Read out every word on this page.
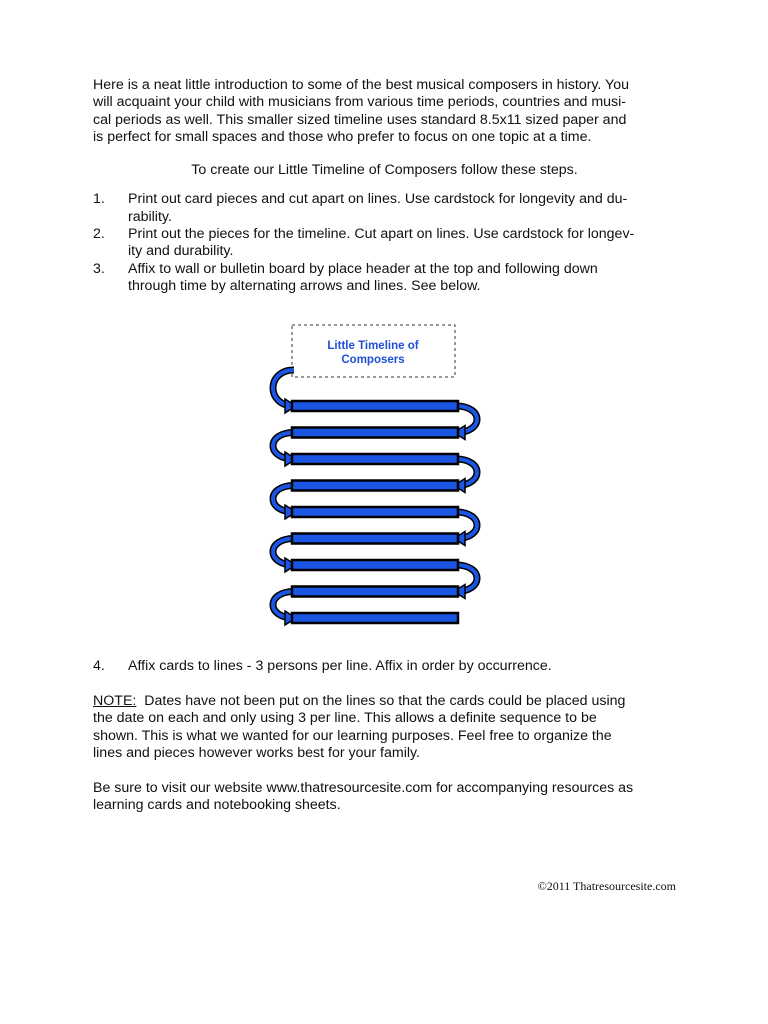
Here is a neat little introduction to some of the best musical composers in history. You
will acquaint your child with musicians from various time periods, countries and musi-
cal periods as well. This smaller sized timeline uses standard 8.5x11 sized paper and
is perfect for small spaces and those who prefer to focus on one topic at a time.

To create our Little Timeline of Composers follow these steps.

1. Print out card pieces and cut apart on lines. Use cardstock for longevity and du-
rability.
2. Print out the pieces for the timeline. Cut apart on lines. Use cardstock for longev-
ity and durability.
3. Affix to wall or bulletin board by place header at the top and following down
through time by alternating arrows and lines. See below.
Little Timeline of
Composers
4. Affix cards to lines - 3 persons per line. Affix in order by occurrence.

NOTE:  Dates have not been put on the lines so that the cards could be placed using
the date on each and only using 3 per line. This allows a definite sequence to be
shown. This is what we wanted for our learning purposes. Feel free to organize the
lines and pieces however works best for your family.

Be sure to visit our website www.thatresourcesite.com for accompanying resources as
learning cards and notebooking sheets.

©2011 Thatresourcesite.com
